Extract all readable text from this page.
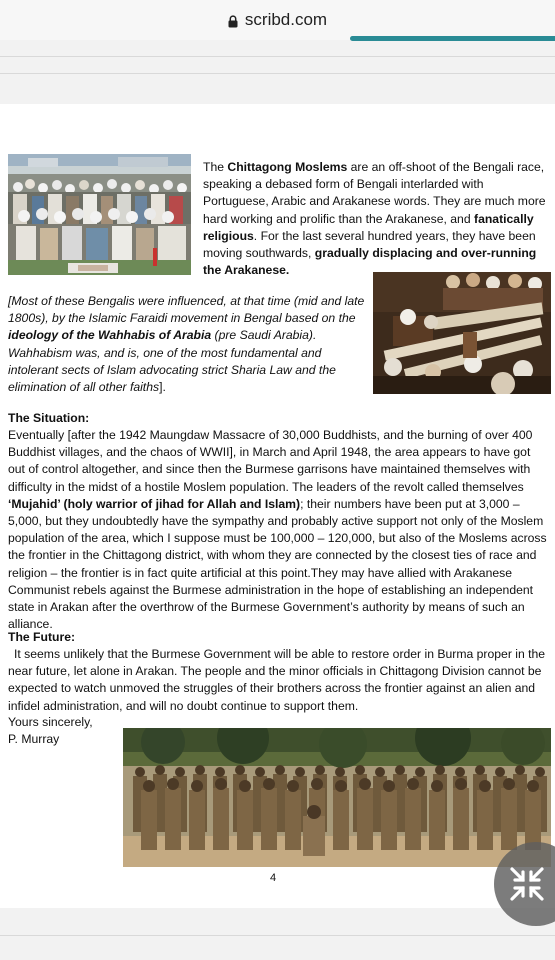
scribd.com

The Chittagong Moslems are an off-shoot of the Bengali race, speaking a debased form of Bengali interlarded with Portuguese, Arabic and Arakanese words. They are much more hard working and prolific than the Arakanese, and fanatically religious. For the last several hundred years, they have been moving southwards, gradually displacing and over-running the Arakanese.

[Most of these Bengalis were influenced, at that time (mid and late 1800s), by the Islamic Faraidi movement in Bengal based on the ideology of the Wahhabis of Arabia (pre Saudi Arabia). Wahhabism was, and is, one of the most fundamental and intolerant sects of Islam advocating strict Sharia Law and the elimination of all other faiths].

The Situation:

Eventually [after the 1942 Maungdaw Massacre of 30,000 Buddhists, and the burning of over 400 Buddhist villages, and the chaos of WWII], in March and April 1948, the area appears to have got out of control altogether, and since then the Burmese garrisons have maintained themselves with difficulty in the midst of a hostile Moslem population. The leaders of the revolt called themselves ‘Mujahid’ (holy warrior of jihad for Allah and Islam); their numbers have been put at 3,000 – 5,000, but they undoubtedly have the sympathy and probably active support not only of the Moslem population of the area, which I suppose must be 100,000 – 120,000, but also of the Moslems across the frontier in the Chittagong district, with whom they are connected by the closest ties of race and religion – the frontier is in fact quite artificial at this point.They may have allied with Arakanese Communist rebels against the Burmese administration in the hope of establishing an independent state in Arakan after the overthrow of the Burmese Government’s authority by means of such an alliance.

The Future:

It seems unlikely that the Burmese Government will be able to restore order in Burma proper in the near future, let alone in Arakan. The people and the minor officials in Chittagong Division cannot be expected to watch unmoved the struggles of their brothers across the frontier against an alien and infidel administration, and will no doubt continue to support them.

Yours sincerely,
P. Murray
4
